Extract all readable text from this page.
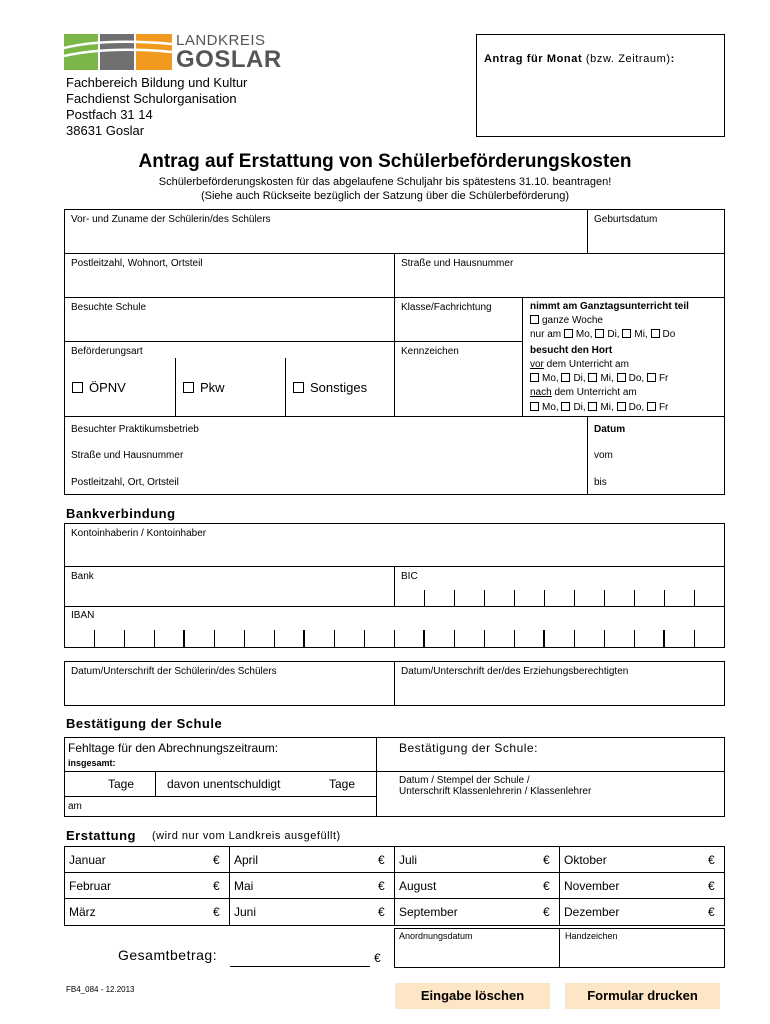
LANDKREIS
GOSLAR
Fachbereich Bildung und Kultur
Fachdienst Schulorganisation
Postfach 31 14
38631 Goslar
Antrag für Monat (bzw. Zeitraum):
Antrag auf Erstattung von Schülerbeförderungskosten
Schülerbeförderungskosten für das abgelaufene Schuljahr bis spätestens 31.10. beantragen!
(Siehe auch Rückseite bezüglich der Satzung über die Schülerbeförderung)
Vor- und Zuname der Schülerin/des Schülers	Geburtsdatum
Postleitzahl, Wohnort, Ortsteil	Straße und Hausnummer
Besuchte Schule	Klasse/Fachrichtung	nimmt am Ganztagsunterricht teil
ganze Woche
nur am Mo, Di, Mi, Do
Beförderungsart
ÖPNV	Pkw	Sonstiges
Kennzeichen	besucht den Hort
vor dem Unterricht am
Mo, Di, Mi, Do, Fr
nach dem Unterricht am
Mo, Di, Mi, Do, Fr
Besuchter Praktikumsbetrieb
Straße und Hausnummer
Postleitzahl, Ort, Ortsteil
Datum
vom
bis
Bankverbindung
Kontoinhaberin / Kontoinhaber
Bank	BIC
IBAN
Datum/Unterschrift der Schülerin/des Schülers	Datum/Unterschrift der/des Erziehungsberechtigten
Bestätigung der Schule
Fehltage für den Abrechnungszeitraum:
insgesamt:
Tage	davon unentschuldigt	Tage
am
Bestätigung der Schule:
Datum / Stempel der Schule /
Unterschrift Klassenlehrerin / Klassenlehrer
Erstattung (wird nur vom Landkreis ausgefüllt)
Januar	€ April	€ Juli	€ Oktober	€
Februar	€ Mai	€ August	€ November	€
März	€ Juni	€ September	€ Dezember	€
Anordnungsdatum	Handzeichen
Gesamtbetrag:	€
FB4_084 - 12.2013	Eingabe löschen	Formular drucken
